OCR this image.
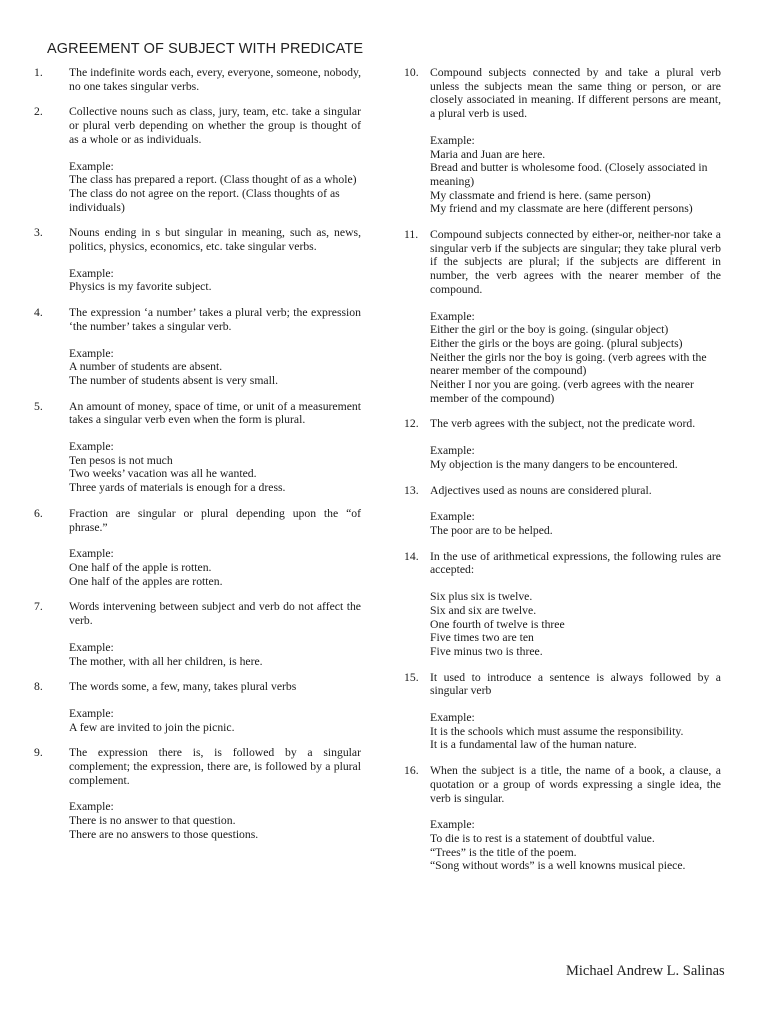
AGREEMENT OF SUBJECT WITH PREDICATE
1.	The indefinite words each, every, everyone, someone, nobody, no one takes singular verbs.
2.	Collective nouns such as class, jury, team, etc. take a singular or plural verb depending on whether the group is thought of as a whole or as individuals.
Example:
The class has prepared a report. (Class thought of as a whole)
The class do not agree on the report. (Class thoughts of as individuals)
3.	Nouns ending in s but singular in meaning, such as, news, politics, physics, economics, etc. take singular verbs.
Example:
Physics is my favorite subject.
4.	The expression ‘a number’ takes a plural verb; the expression ‘the number’ takes a singular verb.
Example:
A number of students are absent.
The number of students absent is very small.
5.	An amount of money, space of time, or unit of a measurement takes a singular verb even when the form is plural.
Example:
Ten pesos is not much
Two weeks’ vacation was all he wanted.
Three yards of materials is enough for a dress.
6.	Fraction are singular or plural depending upon the “of phrase.”
Example:
One half of the apple is rotten.
One half of the apples are rotten.
7.	Words intervening between subject and verb do not affect the verb.
Example:
The mother, with all her children, is here.
8.	The words some, a few, many, takes plural verbs
Example:
A few are invited to join the picnic.
9.	The expression there is, is followed by a singular complement; the expression, there are, is followed by a plural complement.
Example:
There is no answer to that question.
There are no answers to those questions.
10. Compound subjects connected by and take a plural verb unless the subjects mean the same thing or person, or are closely associated in meaning. If different persons are meant, a plural verb is used.
Example:
Maria and Juan are here.
Bread and butter is wholesome food. (Closely associated in meaning)
My classmate and friend is here. (same person)
My friend and my classmate are here (different persons)
11.	Compound subjects connected by either-or, neither-nor take a singular verb if the subjects are singular; they take plural verb if the subjects are plural; if the subjects are different in number, the verb agrees with the nearer member of the compound.
Example:
Either the girl or the boy is going. (singular object)
Either the girls or the boys are going. (plural subjects)
Neither the girls nor the boy is going. (verb agrees with the nearer member of the compound)
Neither I nor you are going. (verb agrees with the nearer member of the compound)
12. The verb agrees with the subject, not the predicate word.
Example:
My objection is the many dangers to be encountered.
13. Adjectives used as nouns are considered plural.
Example:
The poor are to be helped.
14. In the use of arithmetical expressions, the following rules are accepted:
Six plus six is twelve.
Six and six are twelve.
One fourth of twelve is three
Five times two are ten
Five minus two is three.
15. It used to introduce a sentence is always followed by a singular verb
Example:
It is the schools which must assume the responsibility.
It is a fundamental law of the human nature.
16. When the subject is a title, the name of a book, a clause, a quotation or a group of words expressing a single idea, the verb is singular.
Example:
To die is to rest is a statement of doubtful value.
“Trees” is the title of the poem.
“Song without words” is a well knowns musical piece.
Michael Andrew L. Salinas
